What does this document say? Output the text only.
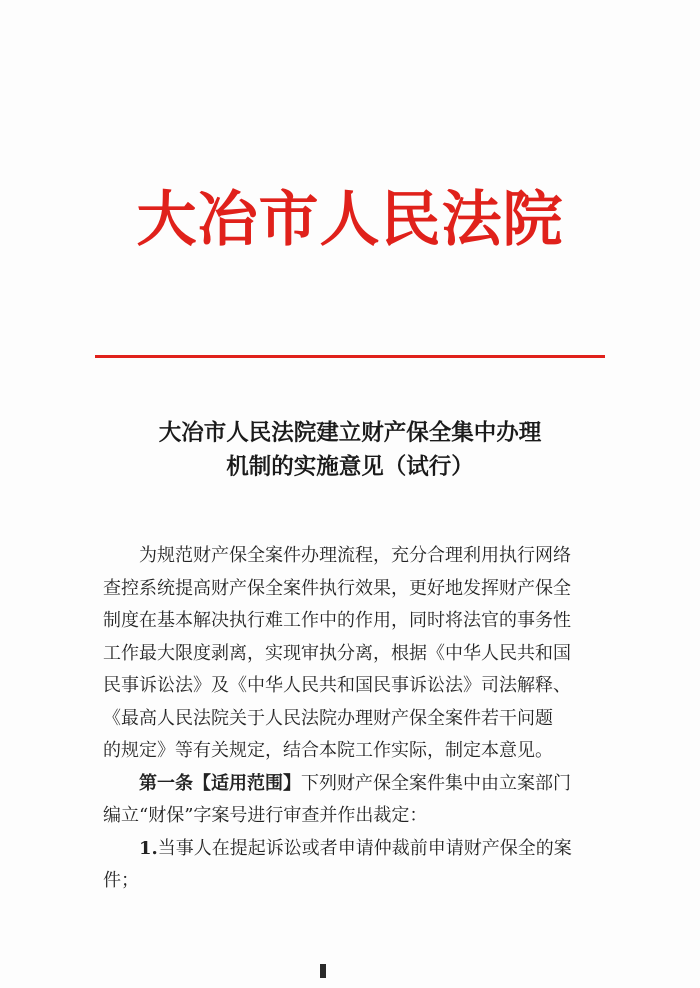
大冶市人民法院
大冶市人民法院建立财产保全集中办理
机制的实施意见（试行）
为规范财产保全案件办理流程，充分合理利用执行网络
查控系统提高财产保全案件执行效果，更好地发挥财产保全
制度在基本解决执行难工作中的作用，同时将法官的事务性
工作最大限度剥离，实现审执分离，根据《中华人民共和国
民事诉讼法》及《中华人民共和国民事诉讼法》司法解释、
《最高人民法院关于人民法院办理财产保全案件若干问题
的规定》等有关规定，结合本院工作实际，制定本意见。
第一条【适用范围】下列财产保全案件集中由立案部门
编立“财保”字案号进行审查并作出裁定：
1.当事人在提起诉讼或者申请仲裁前申请财产保全的案
件；
